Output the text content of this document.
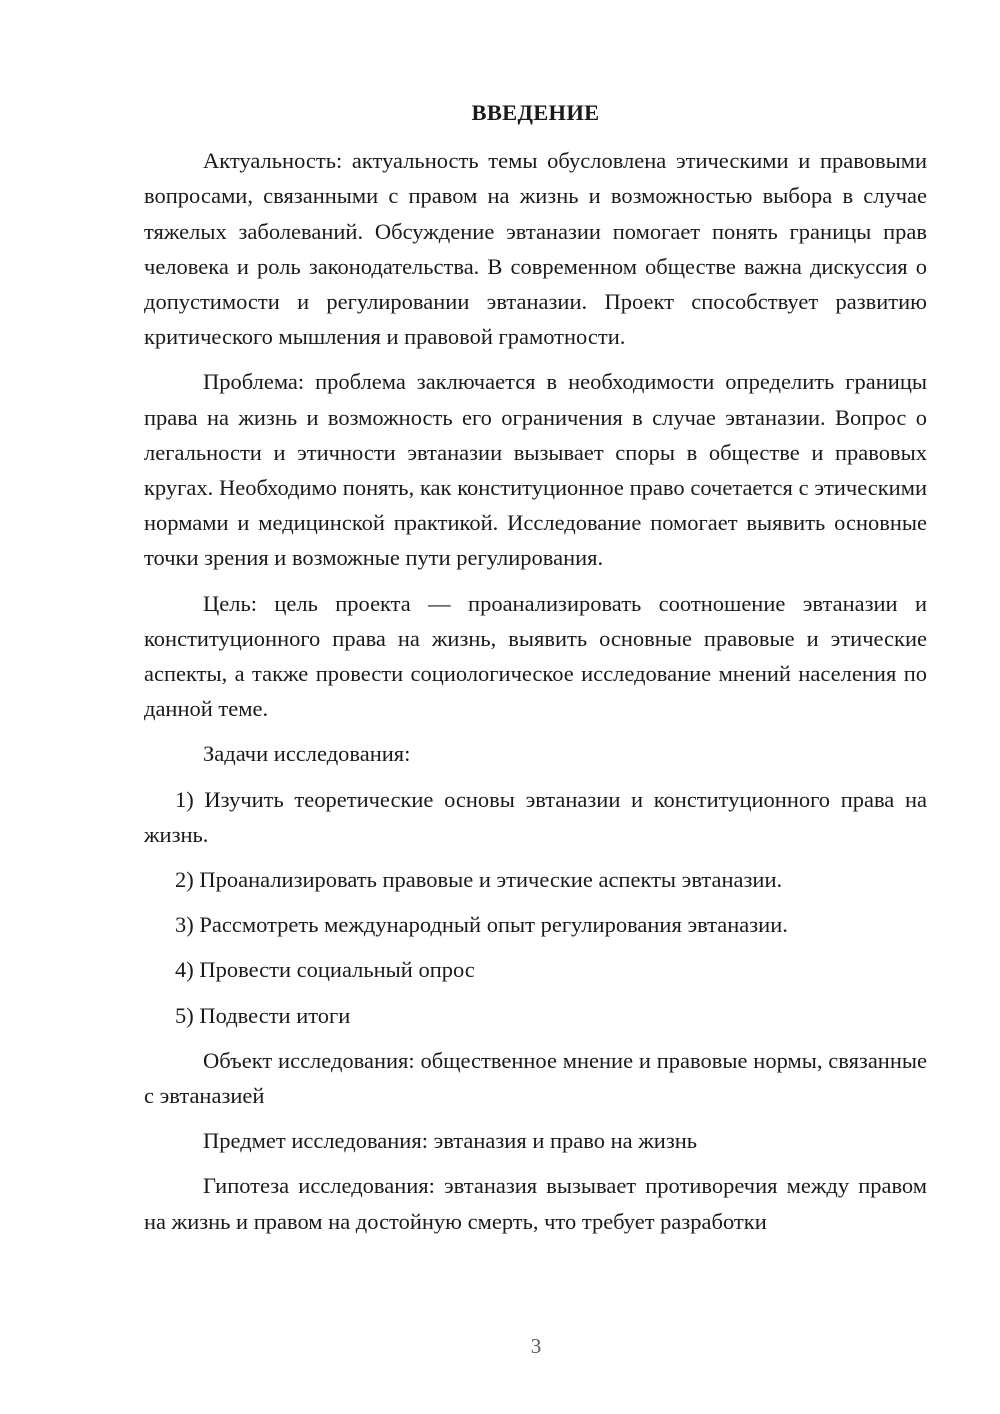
ВВЕДЕНИЕ

Актуальность: актуальность темы обусловлена этическими и правовыми вопросами, связанными с правом на жизнь и возможностью выбора в случае тяжелых заболеваний. Обсуждение эвтаназии помогает понять границы прав человека и роль законодательства. В современном обществе важна дискуссия о допустимости и регулировании эвтаназии. Проект способствует развитию критического мышления и правовой грамотности.

Проблема: проблема заключается в необходимости определить границы права на жизнь и возможность его ограничения в случае эвтаназии. Вопрос о легальности и этичности эвтаназии вызывает споры в обществе и правовых кругах. Необходимо понять, как конституционное право сочетается с этическими нормами и медицинской практикой. Исследование помогает выявить основные точки зрения и возможные пути регулирования.

Цель: цель проекта — проанализировать соотношение эвтаназии и конституционного права на жизнь, выявить основные правовые и этические аспекты, а также провести социологическое исследование мнений населения по данной теме.

Задачи исследования:

1) Изучить теоретические основы эвтаназии и конституционного права на жизнь.

2) Проанализировать правовые и этические аспекты эвтаназии.

3) Рассмотреть международный опыт регулирования эвтаназии.

4) Провести социальный опрос

5) Подвести итоги

Объект исследования: общественное мнение и правовые нормы, связанные с эвтаназией

Предмет исследования: эвтаназия и право на жизнь

Гипотеза исследования: эвтаназия вызывает противоречия между правом на жизнь и правом на достойную смерть, что требует разработки

3
